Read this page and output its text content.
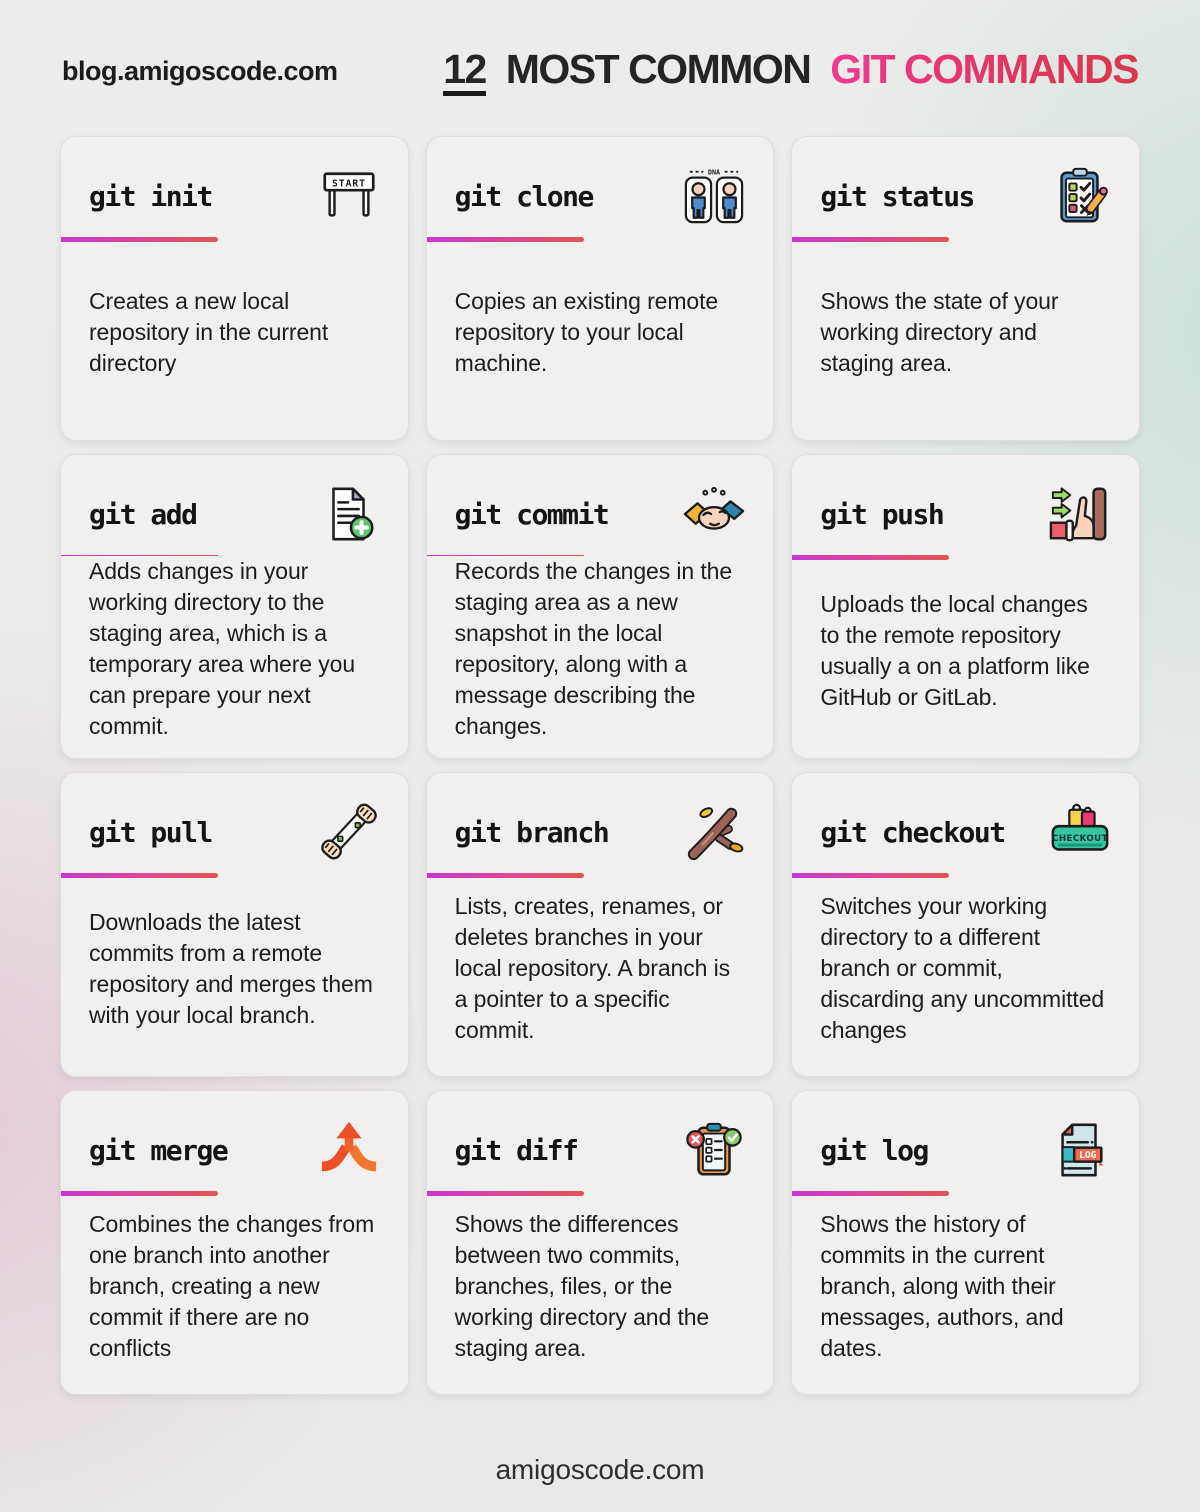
blog.amigoscode.com	12 MOST COMMON GIT COMMANDS
git init	START

Creates a new local repository in the current directory

git clone
DNA

Copies an existing remote repository to your local machine.

git status

Shows the state of your working directory and staging area.

git add

Adds changes in your working directory to the staging area, which is a temporary area where you can prepare your next commit.

git commit

Records the changes in the staging area as a new snapshot in the local repository, along with a message describing the changes.

git push

Uploads the local changes to the remote repository usually a on a platform like GitHub or GitLab.

git pull

Downloads the latest commits from a remote repository and merges them with your local branch.

git branch

Lists, creates, renames, or deletes branches in your local repository. A branch is a pointer to a specific commit.

git checkout	CHECKOUT

Switches your working directory to a different branch or commit, discarding any uncommitted changes

git merge

Combines the changes from one branch into another branch, creating a new commit if there are no conflicts

git diff

Shows the differences between two commits, branches, files, or the working directory and the staging area.

git log	LOG

Shows the history of commits in the current branch, along with their messages, authors, and dates.

amigoscode.com
